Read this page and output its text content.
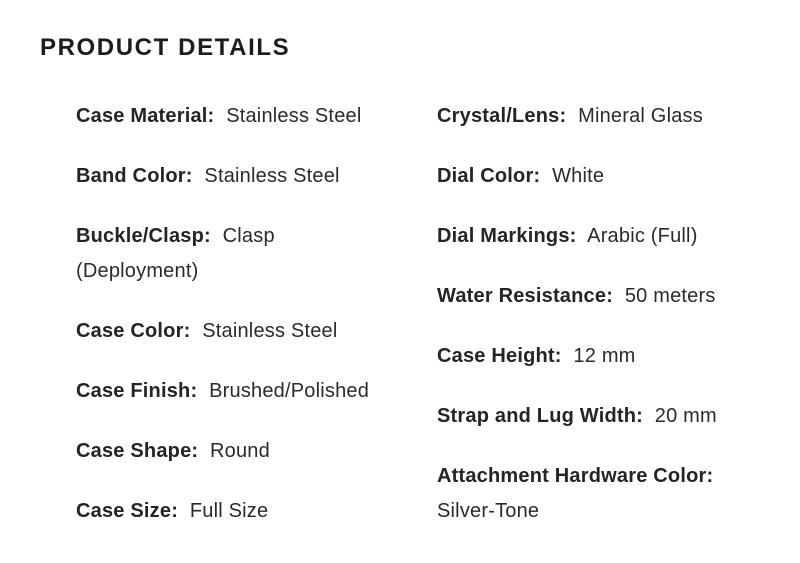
PRODUCT DETAILS
Case Material: Stainless Steel
Band Color: Stainless Steel
Buckle/Clasp: Clasp (Deployment)
Case Color: Stainless Steel
Case Finish: Brushed/Polished
Case Shape: Round
Case Size: Full Size
Crystal/Lens: Mineral Glass
Dial Color: White
Dial Markings: Arabic (Full)
Water Resistance: 50 meters
Case Height: 12 mm
Strap and Lug Width: 20 mm
Attachment Hardware Color: Silver-Tone
